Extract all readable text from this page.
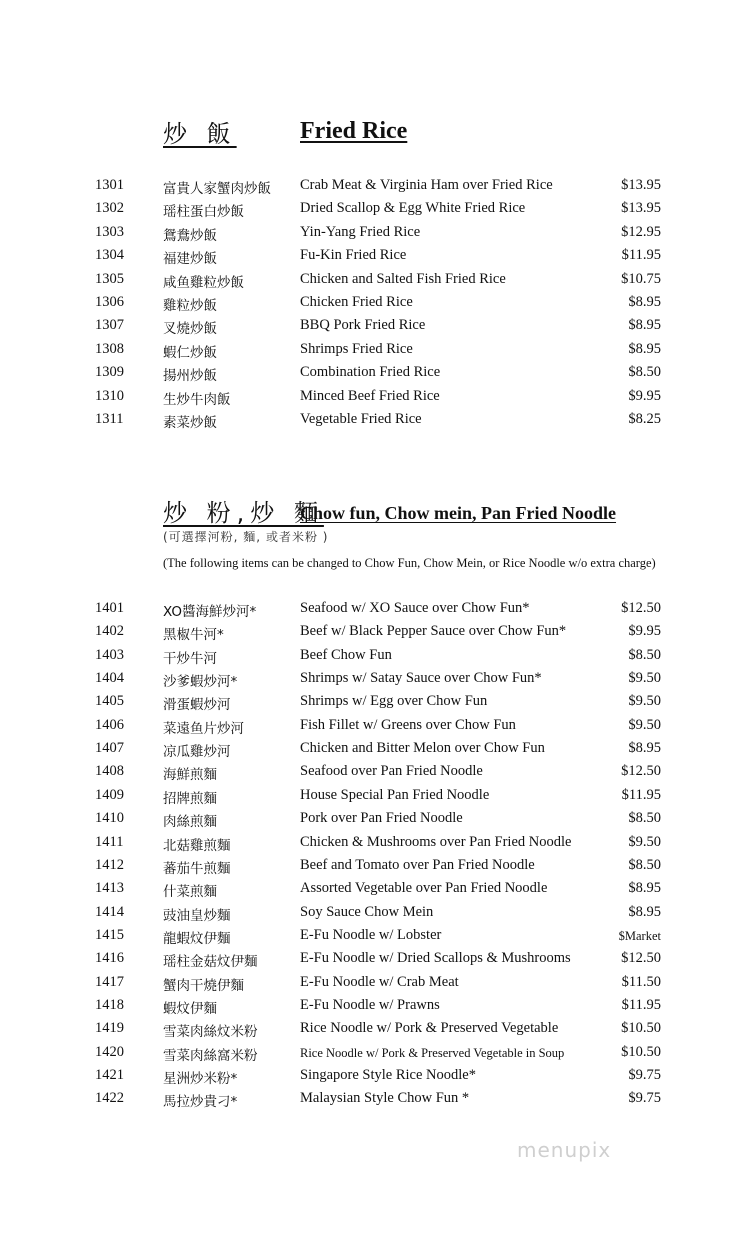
炒 飯	Fried Rice
1301	富貴人家蟹肉炒飯 Crab Meat & Virginia Ham over Fried Rice	$13.95
1302	瑶柱蛋白炒飯	Dried Scallop & Egg White Fried Rice	$13.95
1303	鴛鴦炒飯	Yin-Yang Fried Rice	$12.95
1304	福建炒飯	Fu-Kin Fried Rice	$11.95
1305	咸鱼雞粒炒飯	Chicken and Salted Fish Fried Rice	$10.75
1306	雞粒炒飯	Chicken Fried Rice	$8.95
1307	叉燒炒飯	BBQ Pork Fried Rice	$8.95
1308	蝦仁炒飯	Shrimps Fried Rice	$8.95
1309	揚州炒飯	Combination Fried Rice	$8.50
1310	生炒牛肉飯	Minced Beef Fried Rice	$9.95
1311	素菜炒飯	Vegetable Fried Rice	$8.25
炒 粉,炒 麵
Chow fun, Chow mein, Pan Fried Noodle
(可選擇河粉, 麵, 或者米粉 )
(The following items can be changed to Chow Fun, Chow Mein, or Rice Noodle w/o extra charge)
1401	XO醬海鮮炒河*	Seafood w/ XO Sauce over Chow Fun*	$12.50
1402	黑椒牛河*	Beef w/ Black Pepper Sauce over Chow Fun*	$9.95
1403	干炒牛河	Beef Chow Fun	$8.50
1404	沙爹蝦炒河*	Shrimps w/ Satay Sauce over Chow Fun*	$9.50
1405	滑蛋蝦炒河	Shrimps w/ Egg over Chow Fun	$9.50
1406	菜遠鱼片炒河	Fish Fillet w/ Greens over Chow Fun	$9.50
1407	凉瓜雞炒河	Chicken and Bitter Melon over Chow Fun	$8.95
1408	海鮮煎麵	Seafood over Pan Fried Noodle	$12.50
1409	招牌煎麵	House Special Pan Fried Noodle	$11.95
1410	肉絲煎麵	Pork over Pan Fried Noodle	$8.50
1411	北菇雞煎麵	Chicken & Mushrooms over Pan Fried Noodle	$9.50
1412	蕃茄牛煎麵	Beef and Tomato over Pan Fried Noodle	$8.50
1413	什菜煎麵	Assorted Vegetable over Pan Fried Noodle	$8.95
1414	豉油皇炒麵	Soy Sauce Chow Mein	$8.95
1415	龍蝦炆伊麵	E-Fu Noodle w/ Lobster	$Market
1416	瑶柱金菇炆伊麵	E-Fu Noodle w/ Dried Scallops & Mushrooms	$12.50
1417	蟹肉干燒伊麵	E-Fu Noodle w/ Crab Meat	$11.50
1418	蝦炆伊麵	E-Fu Noodle w/ Prawns	$11.95
1419	雪菜肉絲炆米粉	Rice Noodle w/ Pork & Preserved Vegetable	$10.50
1420	雪菜肉絲窩米粉	Rice Noodle w/ Pork & Preserved Vegetable in Soup	$10.50
1421	星洲炒米粉*	Singapore Style Rice Noodle*	$9.75
1422	馬拉炒貴刁*	Malaysian Style Chow Fun *	$9.75
menupix
